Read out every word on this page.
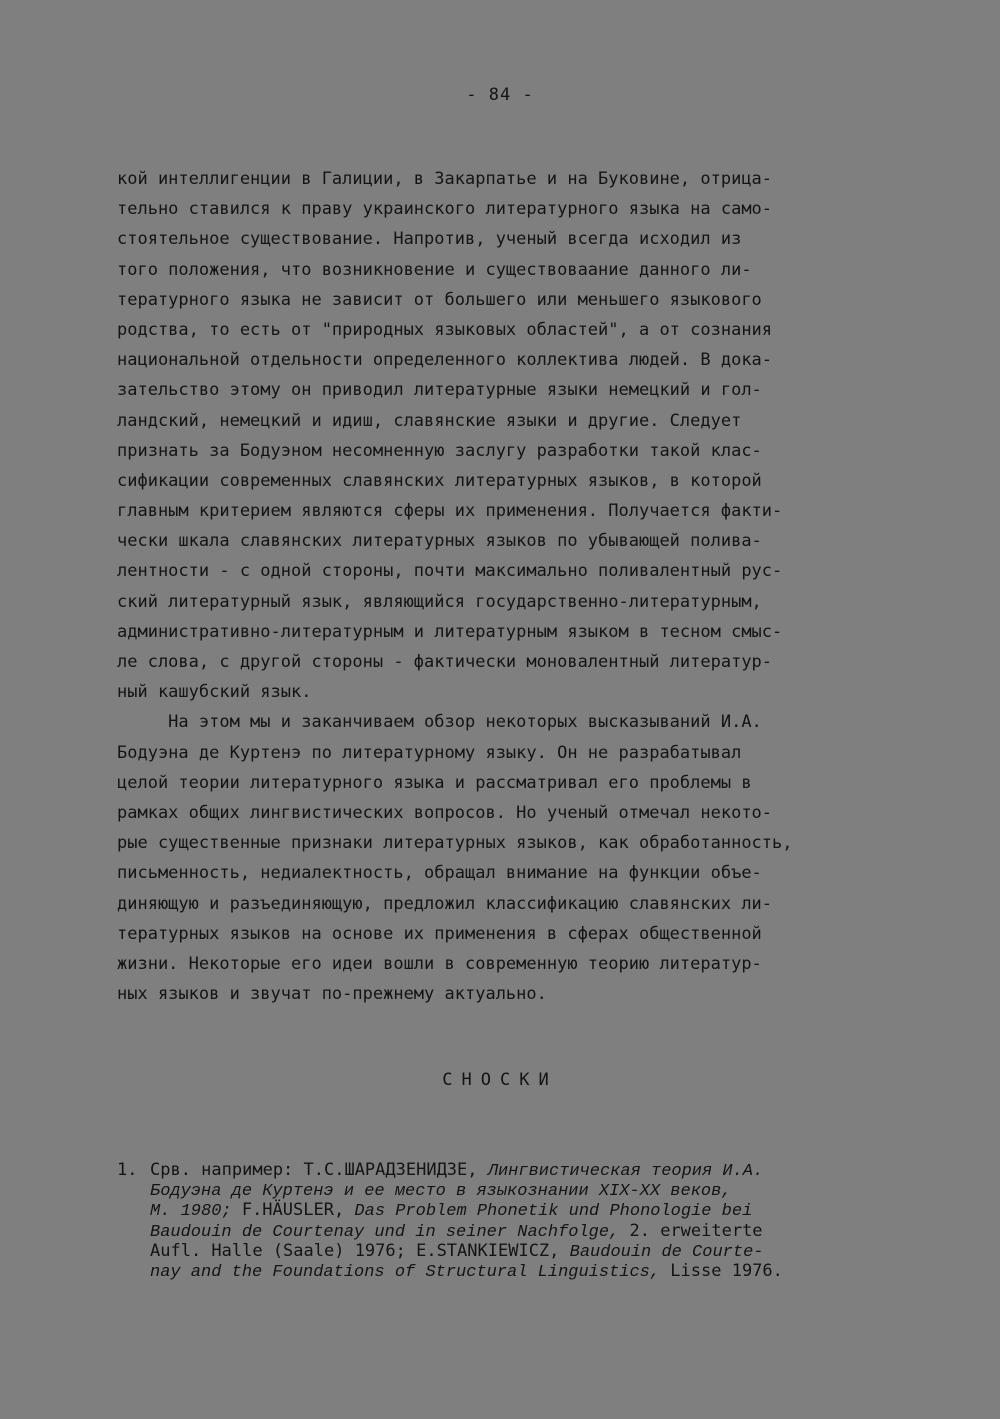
- 84 -
кой интеллигенции в Галиции, в Закарпатье и на Буковине, отрица-
тельно ставился к праву украинского литературного языка на само-
стоятельное существование. Напротив, ученый всегда исходил из
того положения, что возникновение и существоваание данного ли-
тературного языка не зависит от большего или меньшего языкового
родства, то есть от "природных языковых областей", а от сознания
национальной отдельности определенного коллектива людей. В дока-
зательство этому он приводил литературные языки немецкий и гол-
ландский, немецкий и идиш, славянские языки и другие. Следует
признать за Бодуэном несомненную заслугу разработки такой клас-
сификации современных славянских литературных языков, в которой
главным критерием являются сферы их применения. Получается факти-
чески шкала славянских литературных языков по убывающей полива-
лентности - с одной стороны, почти максимально поливалентный рус-
ский литературный язык, являющийся государственно-литературным,
административно-литературным и литературным языком в тесном смыс-
ле слова, с другой стороны - фактически моновалентный литератур-
ный кашубский язык.
На этом мы и заканчиваем обзор некоторых высказываний И.А.
Бодуэна де Куртенэ по литературному языку. Он не разрабатывал
целой теории литературного языка и рассматривал его проблемы в
рамках общих лингвистических вопросов. Но ученый отмечал некото-
рые существенные признаки литературных языков, как обработанность,
письменность, недиалектность, обращал внимание на функции объе-
диняющую и разъединяющую, предложил классификацию славянских ли-
тературных языков на основе их применения в сферах общественной
жизни. Некоторые его идеи вошли в современную теорию литератур-
ных языков и звучат по-прежнему актуально.
СНОСКИ
1. Срв. например: Т.С.ШАРАДЗЕНИДЗЕ, Лингвистическая теория И.А.
Бодуэна де Куртенэ и ее место в языкознании XIX-XX веков,
М. 1980; F.HÄUSLER, Das Problem Phonetik und Phonologie bei
Baudouin de Courtenay und in seiner Nachfolge, 2. erweiterte
Aufl. Halle (Saale) 1976; E.STANKIEWICZ, Baudouin de Courte-
nay and the Foundations of Structural Linguistics, Lisse 1976.
